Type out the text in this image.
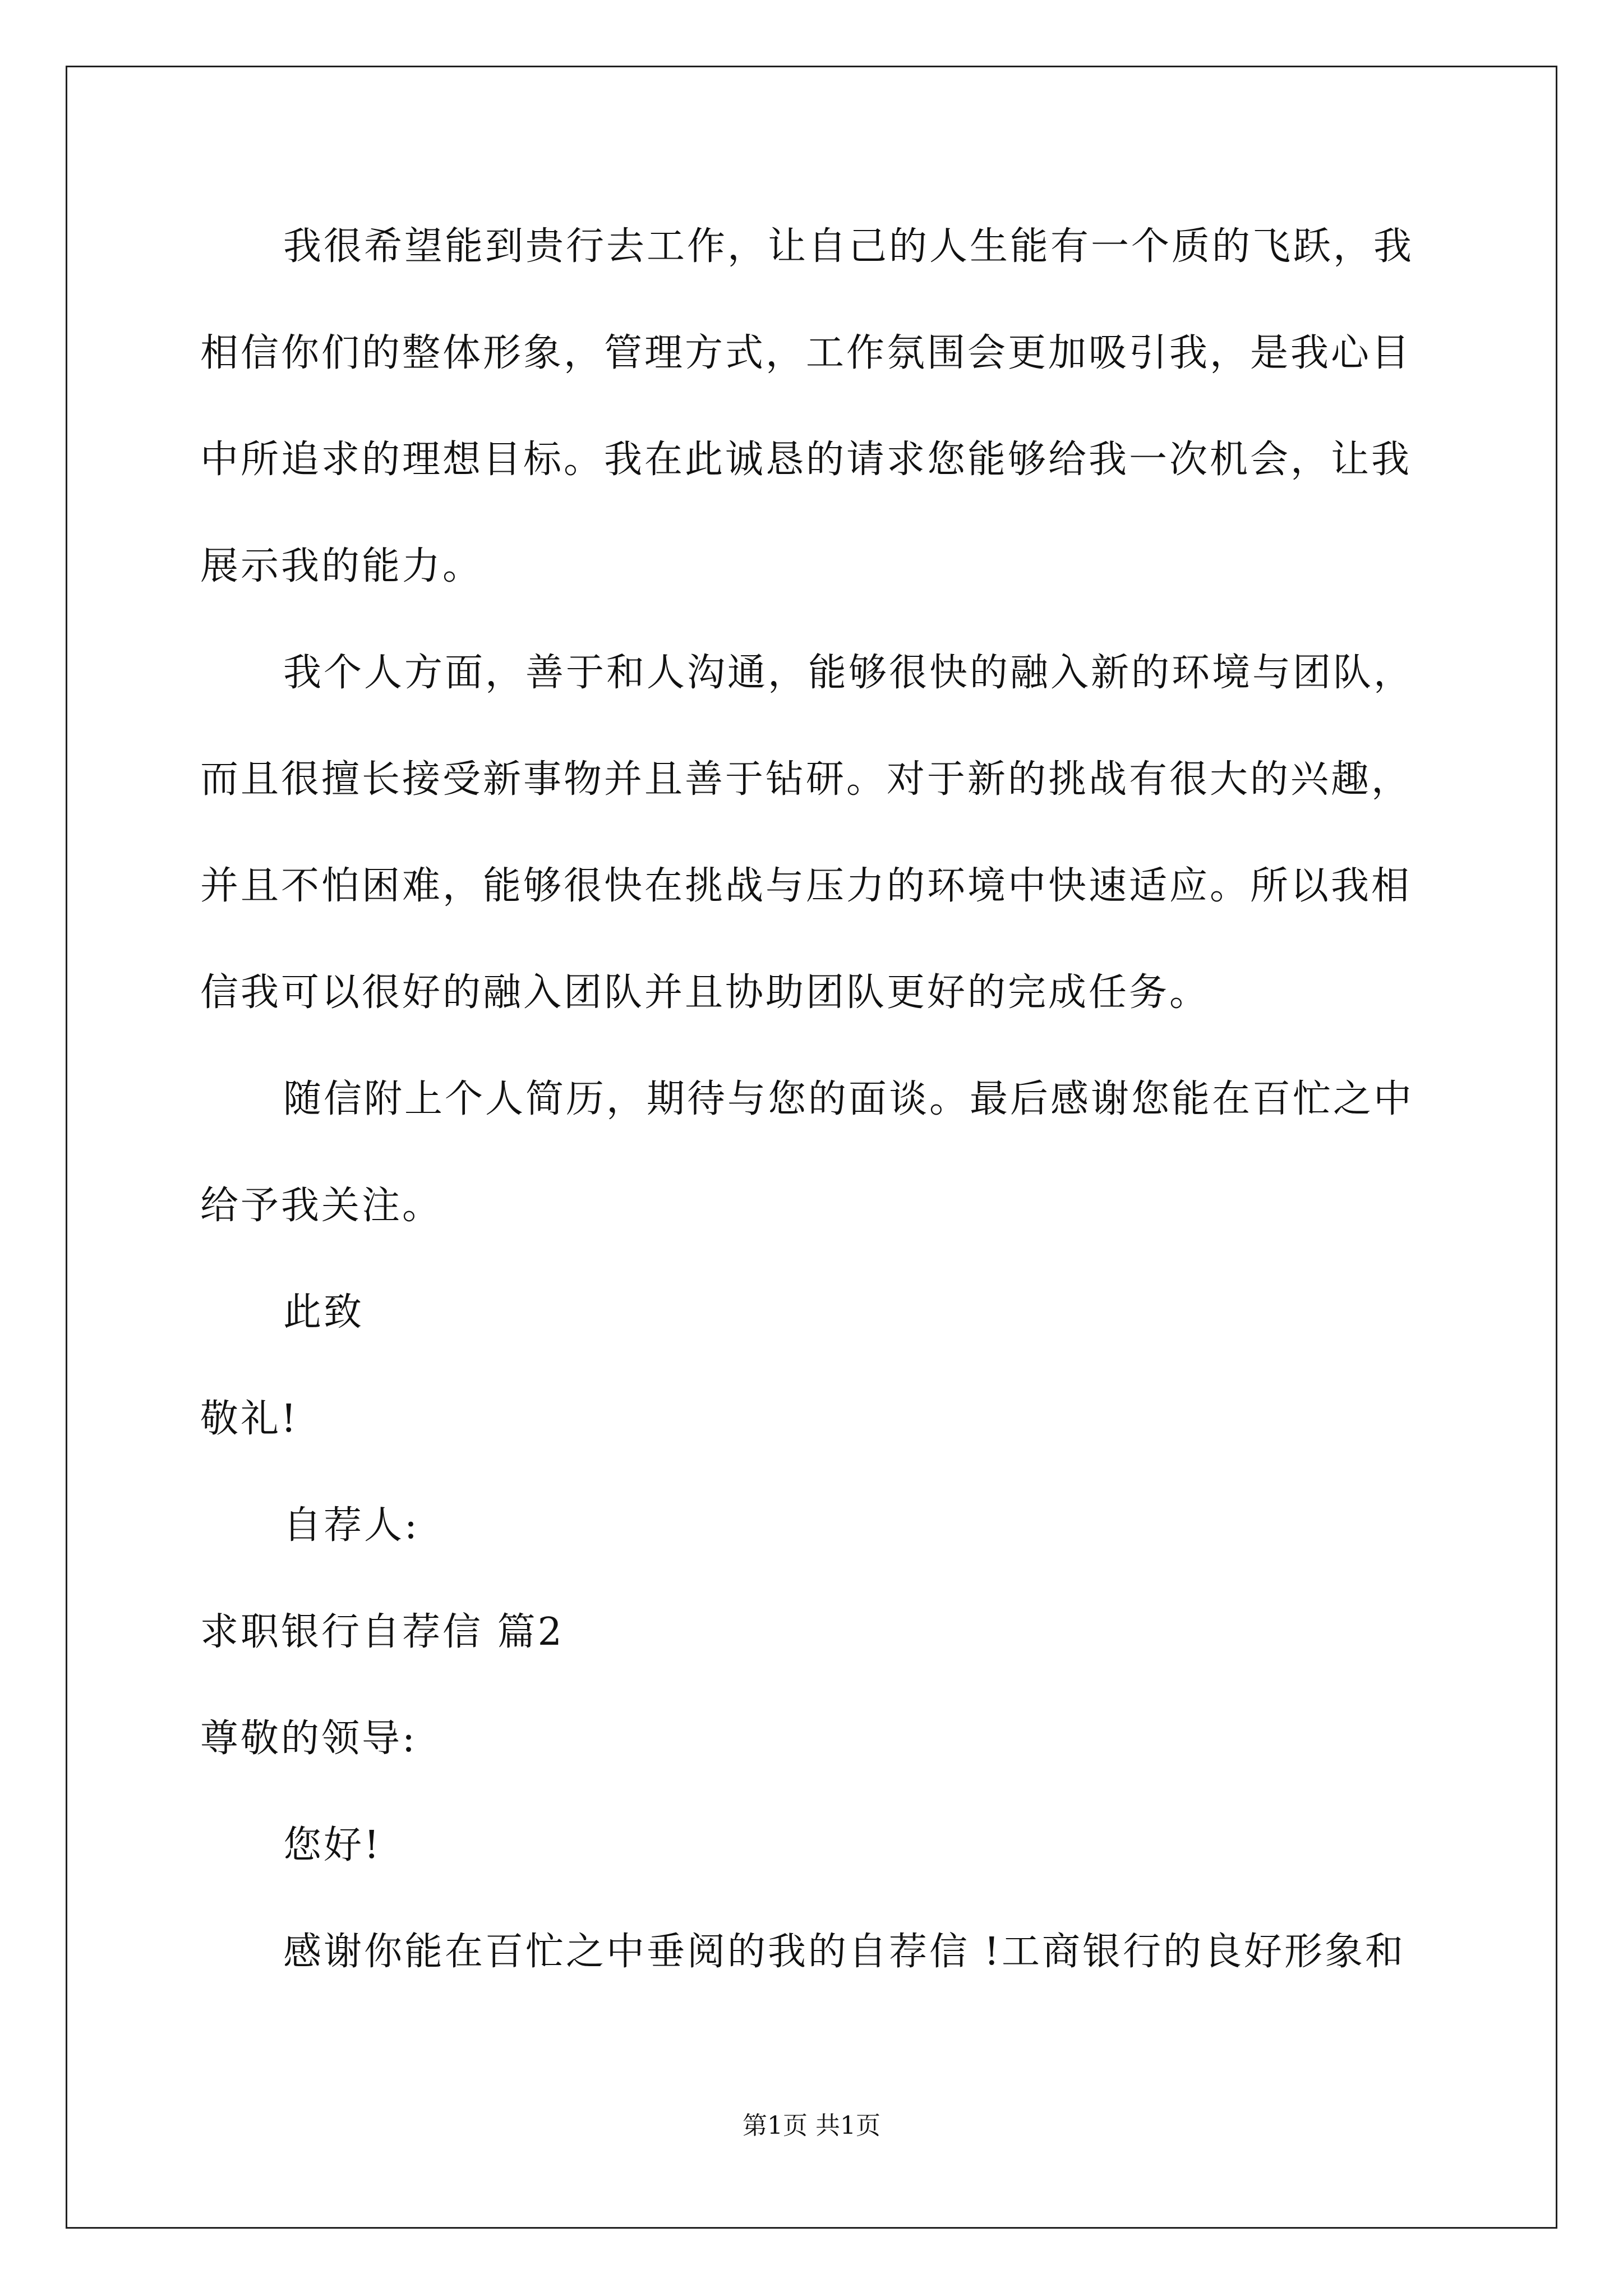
我很希望能到贵行去工作，让自己的人生能有一个质的飞跃，我
相信你们的整体形象，管理方式，工作氛围会更加吸引我，是我心目
中所追求的理想目标。我在此诚恳的请求您能够给我一次机会，让我
展示我的能力。
我个人方面，善于和人沟通，能够很快的融入新的环境与团队，
而且很擅长接受新事物并且善于钻研。对于新的挑战有很大的兴趣，
并且不怕困难，能够很快在挑战与压力的环境中快速适应。所以我相
信我可以很好的融入团队并且协助团队更好的完成任务。
随信附上个人简历，期待与您的面谈。最后感谢您能在百忙之中
给予我关注。
此致
敬礼!
自荐人:
求职银行自荐信 篇2
尊敬的领导:
您好!
感谢你能在百忙之中垂阅的我的自荐信 !工商银行的良好形象和
第1页 共1页
